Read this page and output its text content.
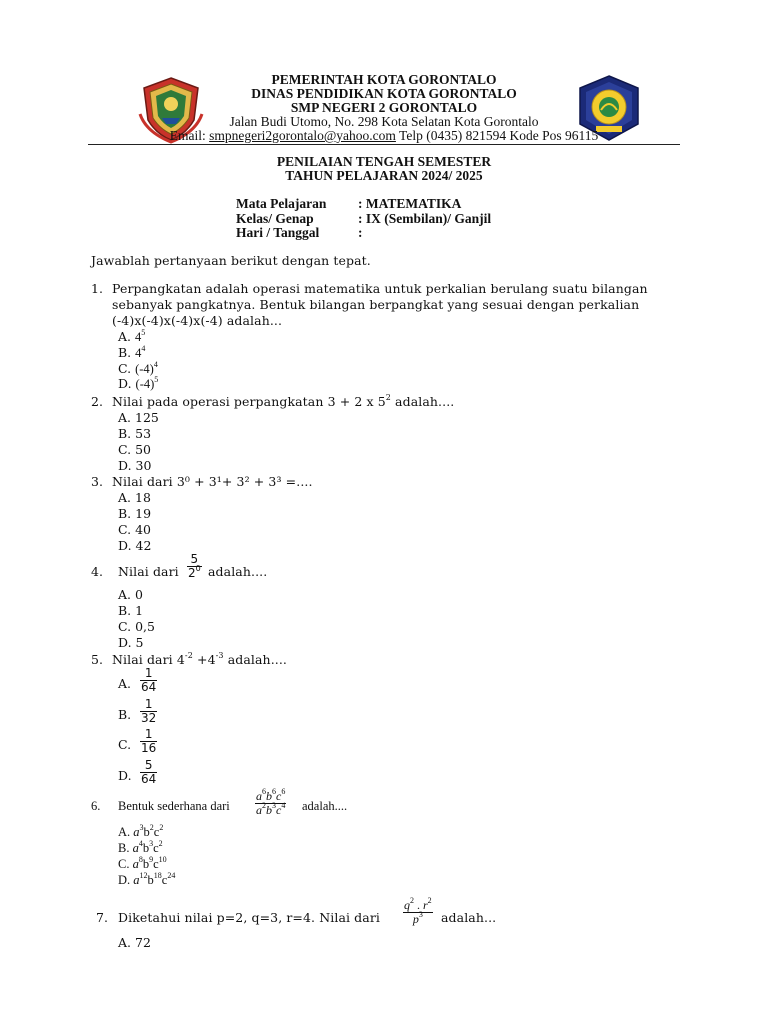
PEMERINTAH KOTA GORONTALO
DINAS PENDIDIKAN KOTA GORONTALO
SMP NEGERI 2 GORONTALO
Jalan Budi Utomo, No. 298 Kota Selatan Kota Gorontalo
Email: smpnegeri2gorontalo@yahoo.com Telp (0435) 821594 Kode Pos 96115
PENILAIAN TENGAH SEMESTER
TAHUN PELAJARAN 2024/ 2025
Mata Pelajaran : MATEMATIKA
Kelas/ Genap	: IX (Sembilan)/ Ganjil
Hari / Tanggal	:
Jawablah pertanyaan berikut dengan tepat.
1. Perpangkatan adalah operasi matematika untuk perkalian berulang suatu bilangan
sebanyak pangkatnya. Bentuk bilangan berpangkat yang sesuai dengan perkalian
(-4)x(-4)x(-4)x(-4) adalah...
A. $4^5$
B. $4^4$
C. $(-4)^4$
D. $(-4)^5$
2. Nilai pada operasi perpangkatan 3 + 2 x $5^2$ adalah....
A. 125
B. 53
C. 50
D. 30
3. Nilai dari 3⁰ + 3¹+ 3² + 3³ =....
A. 18
B. 19
C. 40
D. 42
4. Nilai dari $\frac{5}{2^0}$ adalah....
A. 0
B. 1
C. 0,5
D. 5
5. Nilai dari $4^{-2} +4^{-3}$ adalah....
A. $\frac{1}{64}$
B. $\frac{1}{32}$
C. $\frac{1}{16}$
D. $\frac{5}{64}$
6. Bentuk sederhana dari $\frac{a^6b^6c^6}{a^2b^3c^4}$ adalah....
A. $a^3b^2c^2$
B. $a^4b^3c^2$
C. $a^8b^9c^{10}$
D. $a^{12}b^{18}c^{24}$
7. Diketahui nilai p=2, q=3, r=4. Nilai dari $\frac{q^2 . r^2}{p^3}$ adalah...
A. 72
